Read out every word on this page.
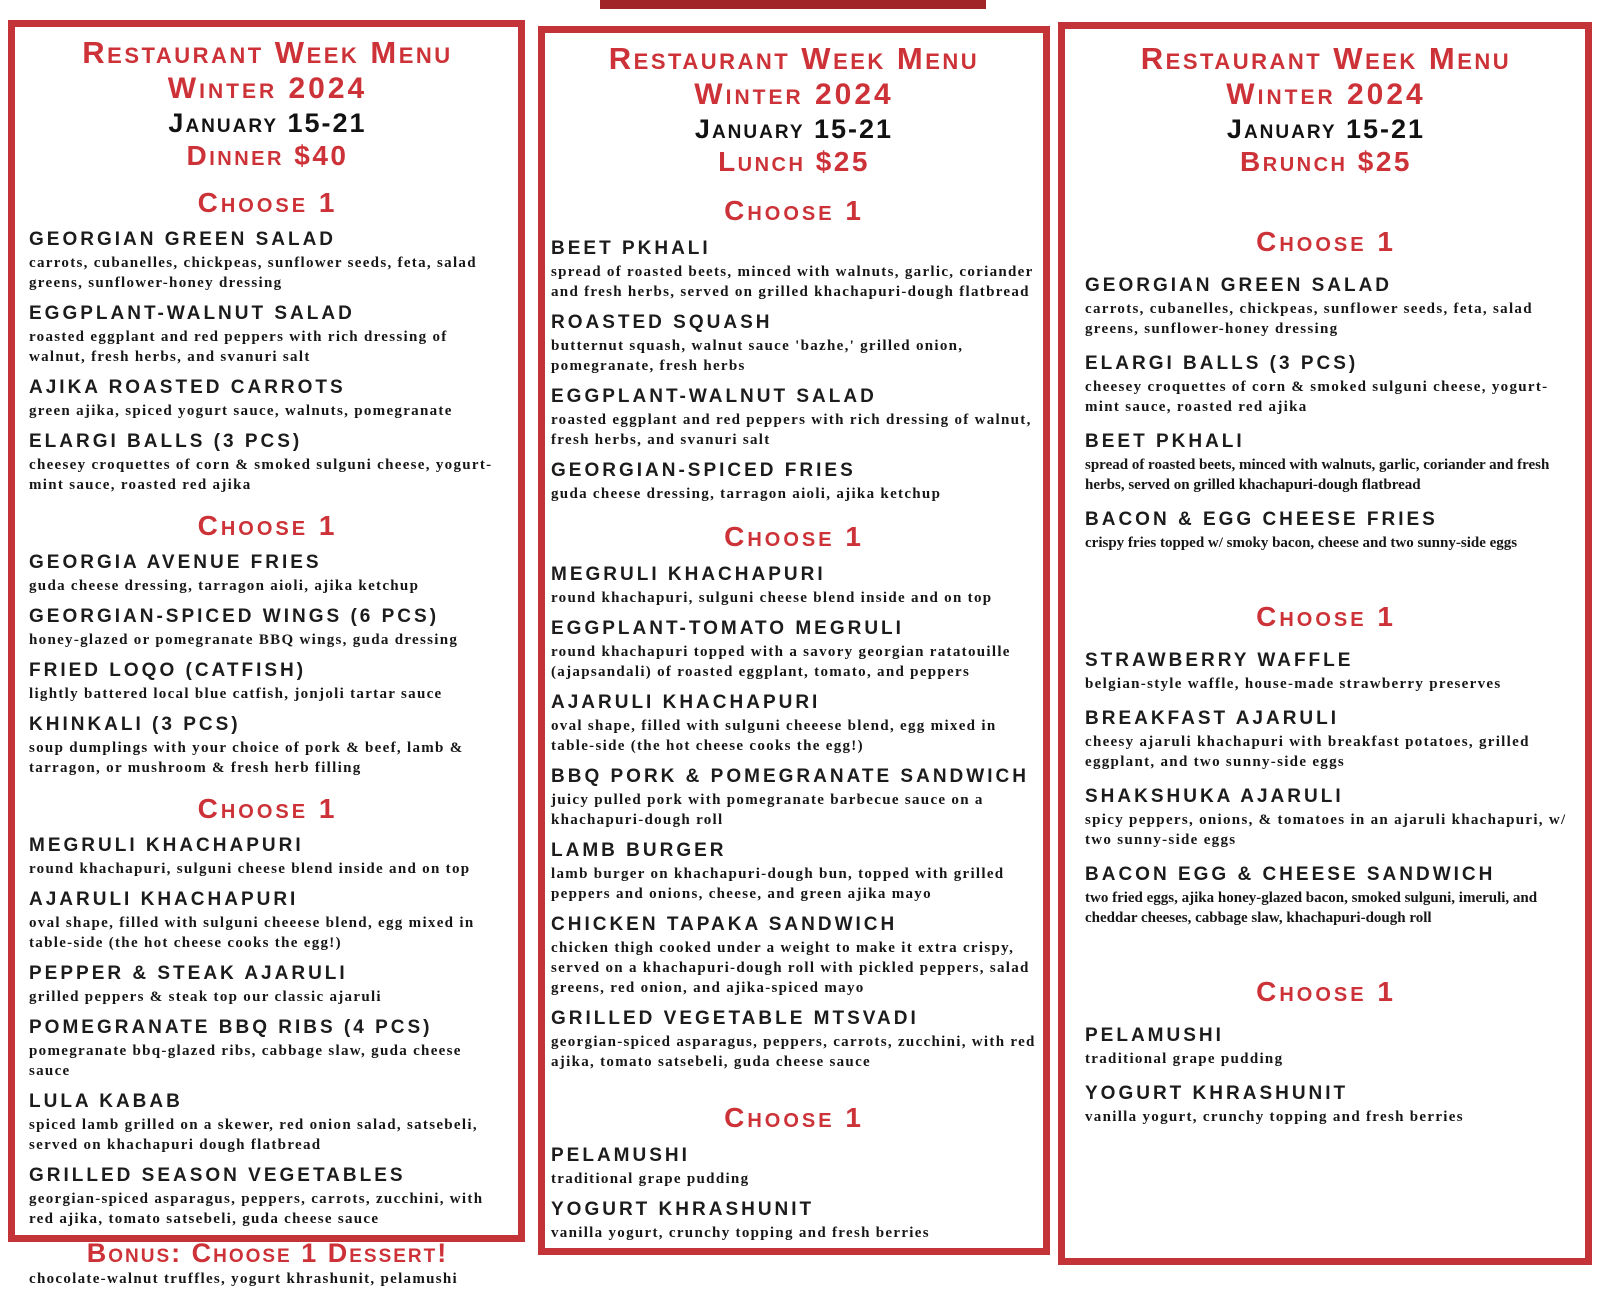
Restaurant Week Menu
Winter 2024
January 15-21
Dinner $40
Choose 1
GEORGIAN GREEN SALAD
carrots, cubanelles, chickpeas, sunflower seeds, feta, salad greens, sunflower-honey dressing
EGGPLANT-WALNUT SALAD
roasted eggplant and red peppers with rich dressing of walnut, fresh herbs, and svanuri salt
AJIKA ROASTED CARROTS
green ajika, spiced yogurt sauce, walnuts, pomegranate
ELARGI BALLS (3 PCS)
cheesey croquettes of corn & smoked sulguni cheese, yogurt-mint sauce, roasted red ajika
Choose 1
GEORGIA AVENUE FRIES
guda cheese dressing, tarragon aioli, ajika ketchup
GEORGIAN-SPICED WINGS (6 PCS)
honey-glazed or pomegranate BBQ wings, guda dressing
FRIED LOQO (CATFISH)
lightly battered local blue catfish, jonjoli tartar sauce
KHINKALI (3 PCS)
soup dumplings with your choice of pork & beef, lamb & tarragon, or mushroom & fresh herb filling
Choose 1
MEGRULI KHACHAPURI
round khachapuri, sulguni cheese blend inside and on top
AJARULI KHACHAPURI
oval shape, filled with sulguni cheeese blend, egg mixed in table-side (the hot cheese cooks the egg!)
PEPPER & STEAK AJARULI
grilled peppers & steak top our classic ajaruli
POMEGRANATE BBQ RIBS (4 PCS)
pomegranate bbq-glazed ribs, cabbage slaw, guda cheese sauce
LULA KABAB
spiced lamb grilled on a skewer, red onion salad, satsebeli, served on khachapuri dough flatbread
GRILLED SEASON VEGETABLES
georgian-spiced asparagus, peppers, carrots, zucchini, with red ajika, tomato satsebeli, guda cheese sauce
Bonus: Choose 1 Dessert!
chocolate-walnut truffles, yogurt khrashunit, pelamushi
Restaurant Week Menu
Winter 2024
January 15-21
Lunch $25
Choose 1
BEET PKHALI
spread of roasted beets, minced with walnuts, garlic, coriander and fresh herbs, served on grilled khachapuri-dough flatbread
ROASTED SQUASH
butternut squash, walnut sauce 'bazhe,' grilled onion, pomegranate, fresh herbs
EGGPLANT-WALNUT SALAD
roasted eggplant and red peppers with rich dressing of walnut, fresh herbs, and svanuri salt
GEORGIAN-SPICED FRIES
guda cheese dressing, tarragon aioli, ajika ketchup
Choose 1
MEGRULI KHACHAPURI
round khachapuri, sulguni cheese blend inside and on top
EGGPLANT-TOMATO MEGRULI
round khachapuri topped with a savory georgian ratatouille (ajapsandali) of roasted eggplant, tomato, and peppers
AJARULI KHACHAPURI
oval shape, filled with sulguni cheeese blend, egg mixed in table-side (the hot cheese cooks the egg!)
BBQ PORK & POMEGRANATE SANDWICH
juicy pulled pork with pomegranate barbecue sauce on a khachapuri-dough roll
LAMB BURGER
lamb burger on khachapuri-dough bun, topped with grilled peppers and onions, cheese, and green ajika mayo
CHICKEN TAPAKA SANDWICH
chicken thigh cooked under a weight to make it extra crispy, served on a khachapuri-dough roll with pickled peppers, salad greens, red onion, and ajika-spiced mayo
GRILLED VEGETABLE MTSVADI
georgian-spiced asparagus, peppers, carrots, zucchini, with red ajika, tomato satsebeli, guda cheese sauce
Choose 1
PELAMUSHI
traditional grape pudding
YOGURT KHRASHUNIT
vanilla yogurt, crunchy topping and fresh berries
Restaurant Week Menu
Winter 2024
January 15-21
Brunch $25
Choose 1
GEORGIAN GREEN SALAD
carrots, cubanelles, chickpeas, sunflower seeds, feta, salad greens, sunflower-honey dressing
ELARGI BALLS (3 PCS)
cheesey croquettes of corn & smoked sulguni cheese, yogurt-mint sauce, roasted red ajika
BEET PKHALI
spread of roasted beets, minced with walnuts, garlic, coriander and fresh herbs, served on grilled khachapuri-dough flatbread
BACON & EGG CHEESE FRIES
crispy fries topped w/ smoky bacon, cheese and two sunny-side eggs
Choose 1
STRAWBERRY WAFFLE
belgian-style waffle, house-made strawberry preserves
BREAKFAST AJARULI
cheesy ajaruli khachapuri with breakfast potatoes, grilled eggplant, and two sunny-side eggs
SHAKSHUKA AJARULI
spicy peppers, onions, & tomatoes in an ajaruli khachapuri, w/ two sunny-side eggs
BACON EGG & CHEESE SANDWICH
two fried eggs, ajika honey-glazed bacon, smoked sulguni, imeruli, and cheddar cheeses, cabbage slaw, khachapuri-dough roll
Choose 1
PELAMUSHI
traditional grape pudding
YOGURT KHRASHUNIT
vanilla yogurt, crunchy topping and fresh berries
